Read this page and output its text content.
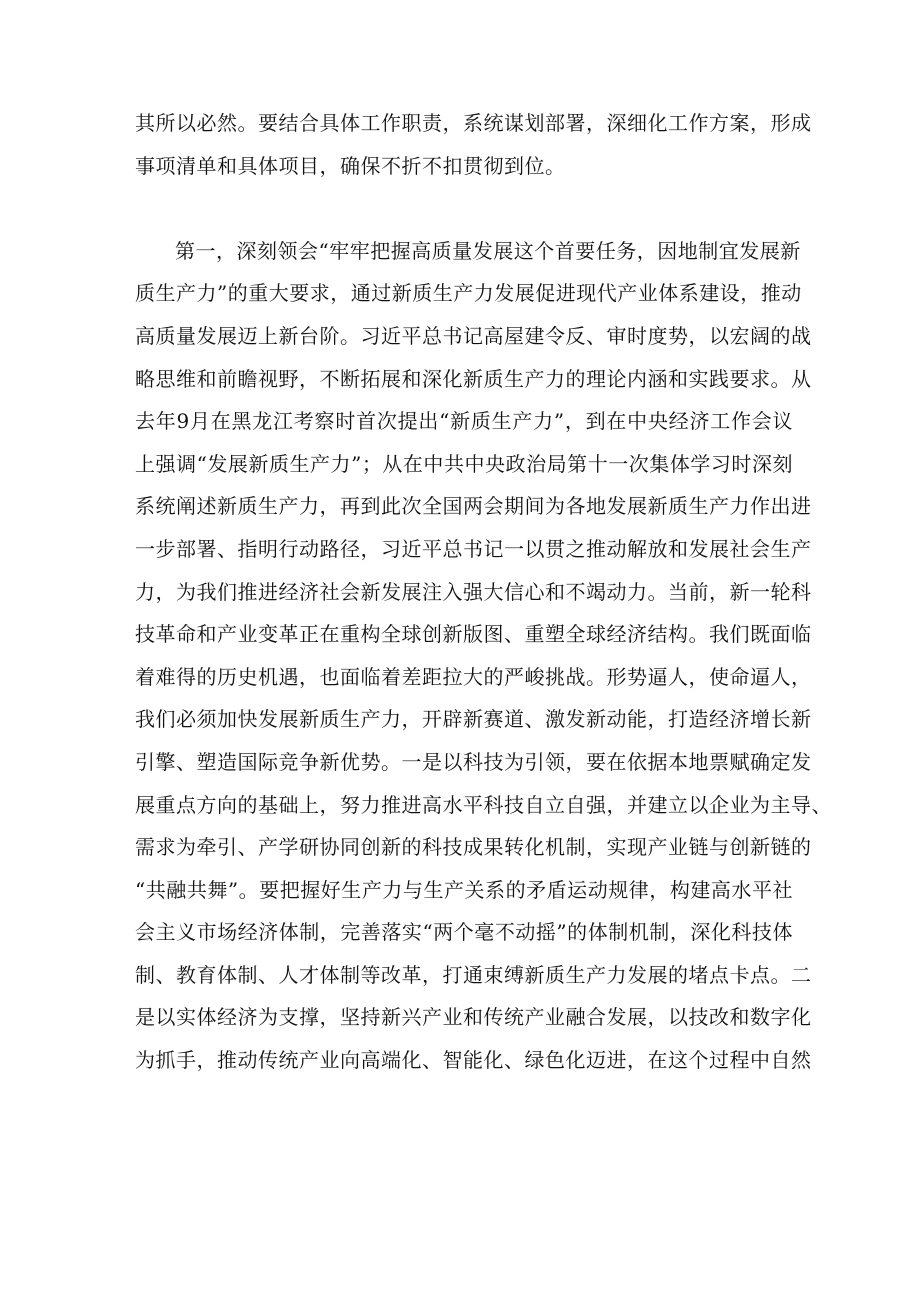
其所以必然。要结合具体工作职责，系统谋划部署，深细化工作方案，形成
事项清单和具体项目，确保不折不扣贯彻到位。
第一，深刻领会“牢牢把握高质量发展这个首要任务，因地制宜发展新
质生产力”的重大要求，通过新质生产力发展促进现代产业体系建设，推动
高质量发展迈上新台阶。习近平总书记高屋建令反、审时度势，以宏阔的战
略思维和前瞻视野，不断拓展和深化新质生产力的理论内涵和实践要求。从
去年9月在黑龙江考察时首次提出“新质生产力”，到在中央经济工作会议
上强调“发展新质生产力”；从在中共中央政治局第十一次集体学习时深刻
系统阐述新质生产力，再到此次全国两会期间为各地发展新质生产力作出进
一步部署、指明行动路径，习近平总书记一以贯之推动解放和发展社会生产
力，为我们推进经济社会新发展注入强大信心和不竭动力。当前，新一轮科
技革命和产业变革正在重构全球创新版图、重塑全球经济结构。我们既面临
着难得的历史机遇，也面临着差距拉大的严峻挑战。形势逼人，使命逼人，
我们必须加快发展新质生产力，开辟新赛道、激发新动能，打造经济增长新
引擎、塑造国际竞争新优势。一是以科技为引领，要在依据本地票赋确定发
展重点方向的基础上，努力推进高水平科技自立自强，并建立以企业为主导、
需求为牵引、产学研协同创新的科技成果转化机制，实现产业链与创新链的
“共融共舞”。要把握好生产力与生产关系的矛盾运动规律，构建高水平社
会主义市场经济体制，完善落实“两个毫不动摇”的体制机制，深化科技体
制、教育体制、人才体制等改革，打通束缚新质生产力发展的堵点卡点。二
是以实体经济为支撑，坚持新兴产业和传统产业融合发展，以技改和数字化
为抓手，推动传统产业向高端化、智能化、绿色化迈进，在这个过程中自然
